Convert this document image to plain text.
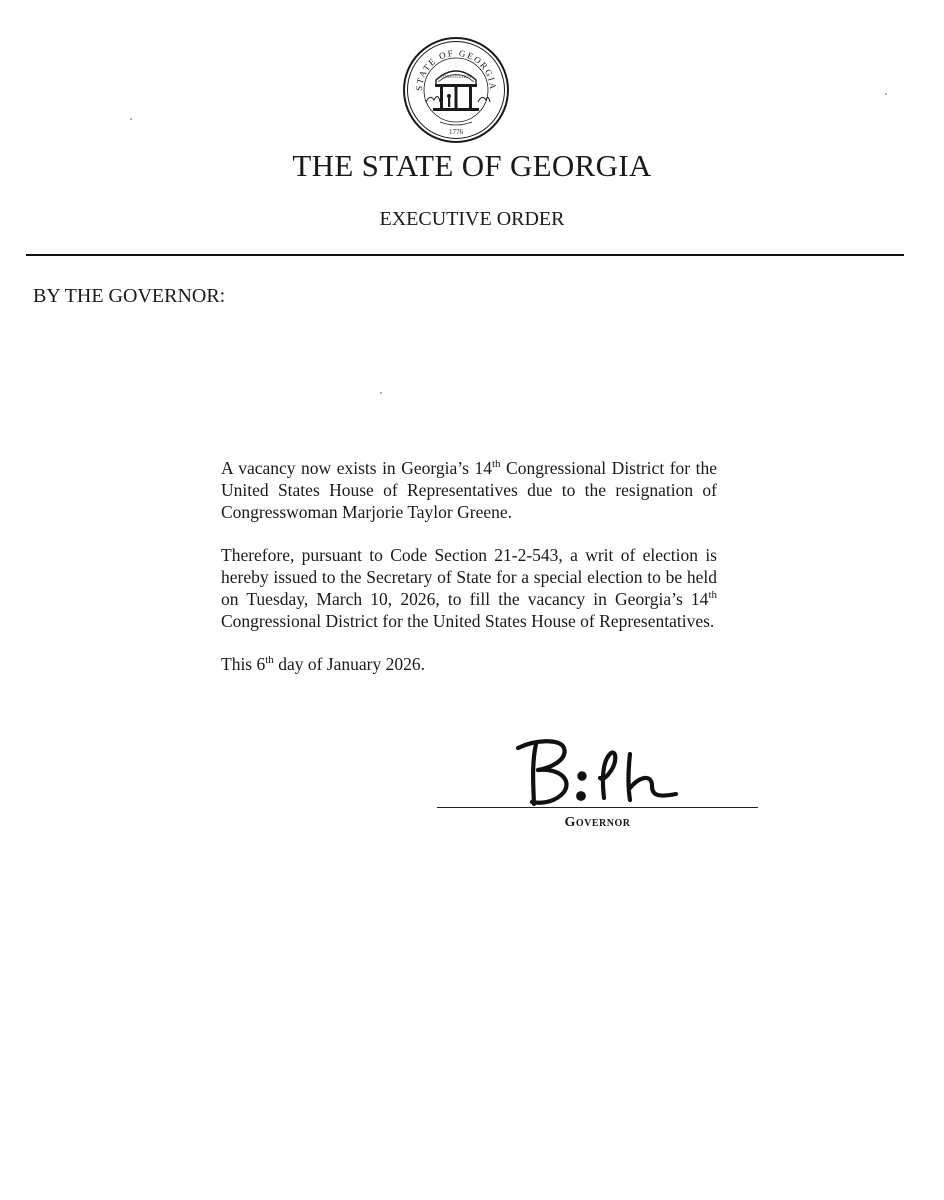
STATE OF GEORGIA
CONSTITUTION
1776
THE STATE OF GEORGIA
EXECUTIVE ORDER
BY THE GOVERNOR:

A vacancy now exists in Georgia’s 14th Congressional District for the United States House of Representatives due to the resignation of Congresswoman Marjorie Taylor Greene.

Therefore, pursuant to Code Section 21-2-543, a writ of election is hereby issued to the Secretary of State for a special election to be held on Tuesday, March 10, 2026, to fill the vacancy in Georgia’s 14th Congressional District for the United States House of Representatives.

This 6th day of January 2026.

Governor
